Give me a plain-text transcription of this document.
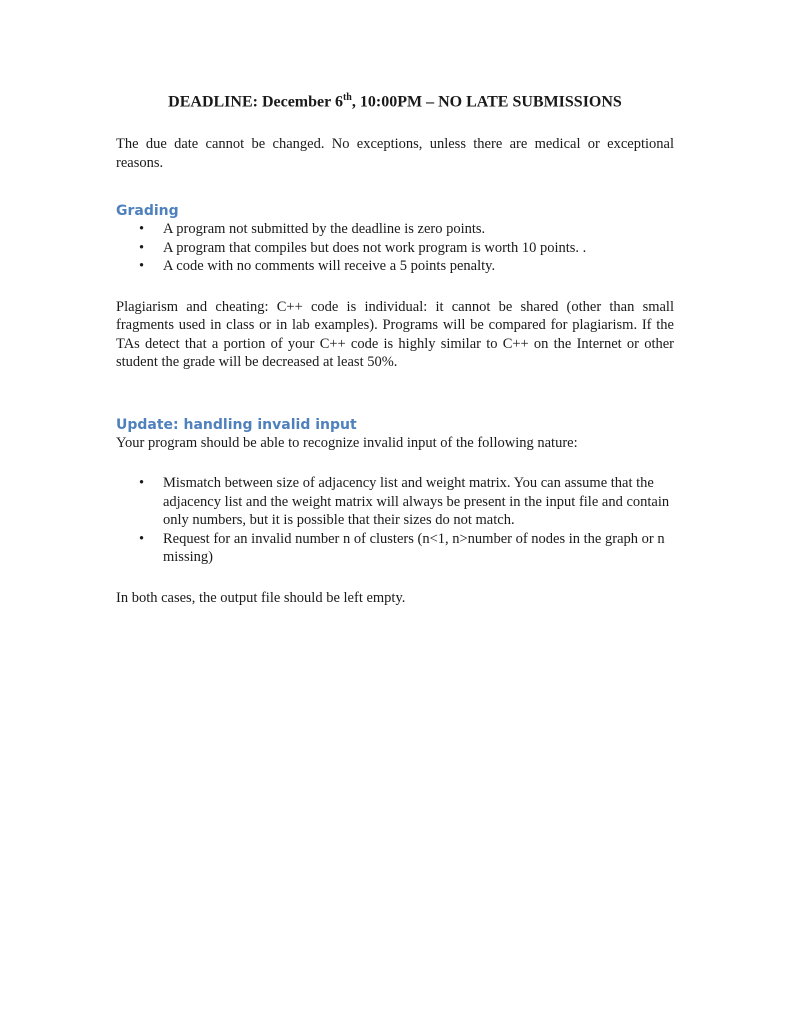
DEADLINE: December 6th, 10:00PM – NO LATE SUBMISSIONS

The due date cannot be changed. No exceptions, unless there are medical or exceptional reasons.

Grading
• A program not submitted by the deadline is zero points.
• A program that compiles but does not work program is worth 10 points. .
• A code with no comments will receive a 5 points penalty.

Plagiarism and cheating: C++ code is individual: it cannot be shared (other than small fragments used in class or in lab examples). Programs will be compared for plagiarism. If the TAs detect that a portion of your C++ code is highly similar to C++ on the Internet or other student the grade will be decreased at least 50%.

Update: handling invalid input

Your program should be able to recognize invalid input of the following nature:

• Mismatch between size of adjacency list and weight matrix. You can assume that the adjacency list and the weight matrix will always be present in the input file and contain only numbers, but it is possible that their sizes do not match.
• Request for an invalid number n of clusters (n<1, n>number of nodes in the graph or n missing)

In both cases, the output file should be left empty.
